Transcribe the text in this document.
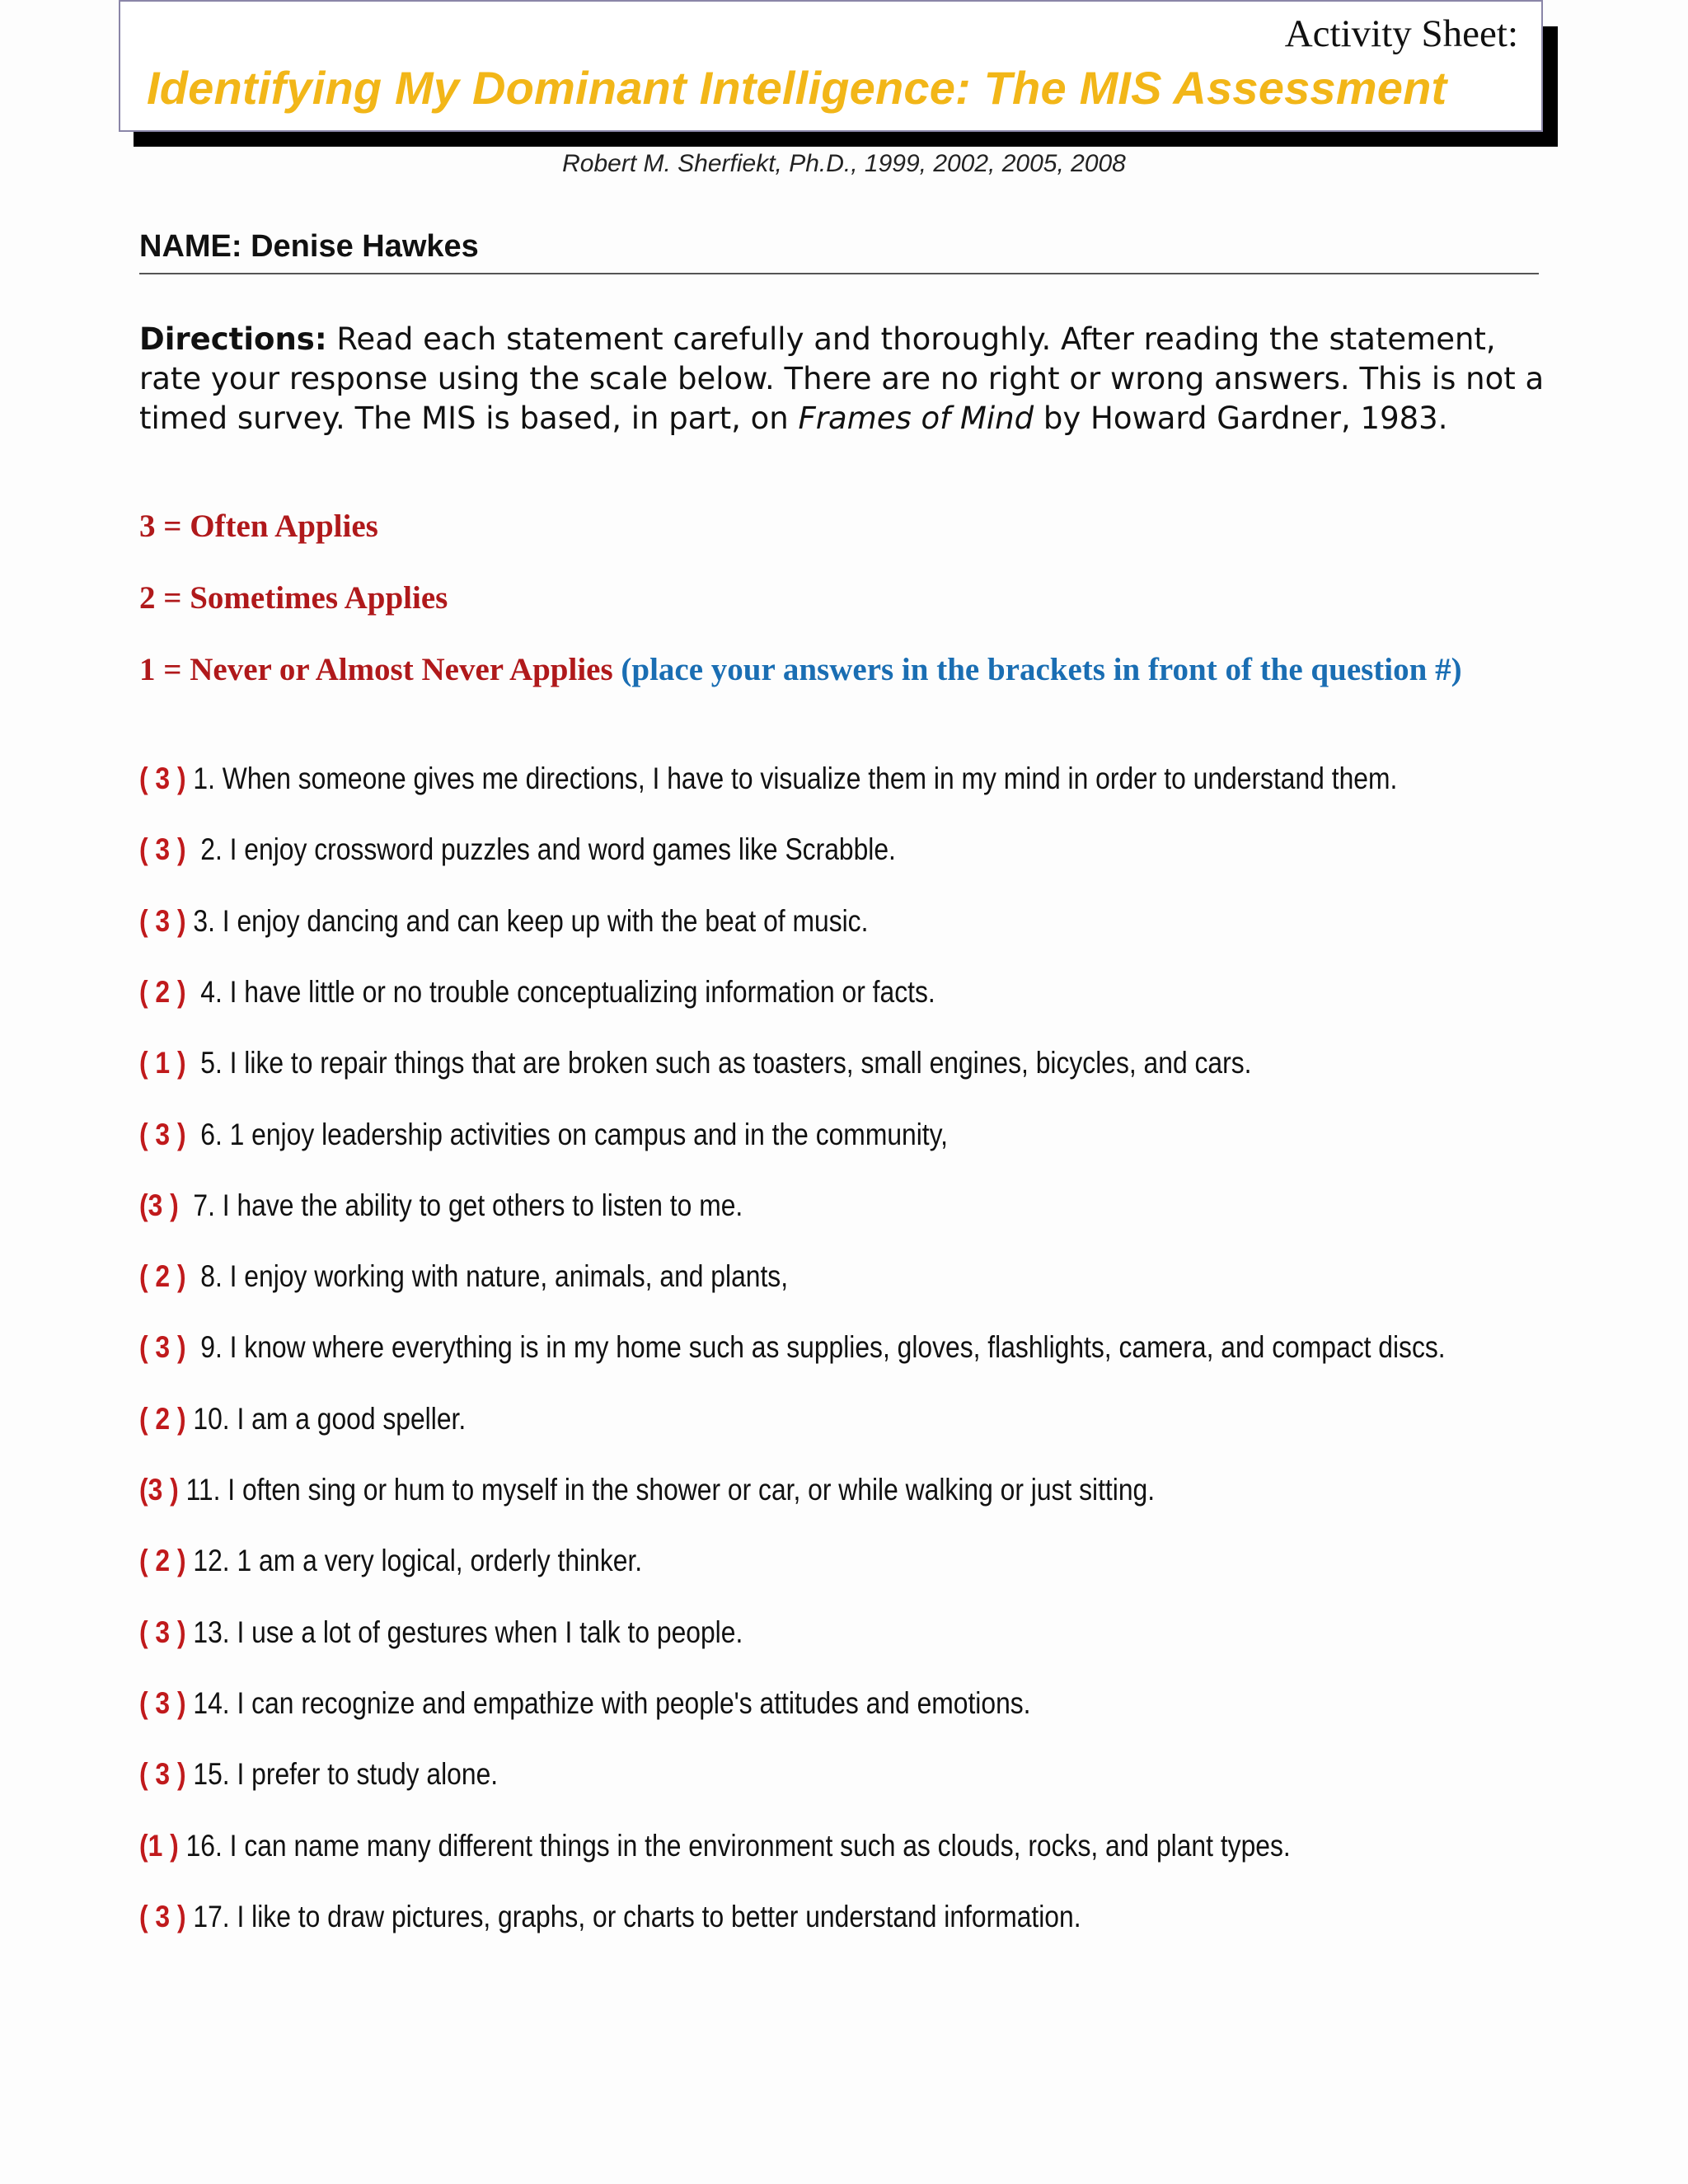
Activity Sheet:
Identifying My Dominant Intelligence: The MIS Assessment
Robert M. Sherfiekt, Ph.D., 1999, 2002, 2005, 2008
NAME: Denise Hawkes
Directions: Read each statement carefully and thoroughly. After reading the statement, rate your response using the scale below. There are no right or wrong answers. This is not a timed survey. The MIS is based, in part, on Frames of Mind by Howard Gardner, 1983.
3 = Often Applies
2 = Sometimes Applies
1 = Never or Almost Never Applies (place your answers in the brackets in front of the question #)
( 3 ) 1. When someone gives me directions, I have to visualize them in my mind in order to understand them.
( 3 )  2. I enjoy crossword puzzles and word games like Scrabble.
( 3 ) 3. I enjoy dancing and can keep up with the beat of music.
( 2 )  4. I have little or no trouble conceptualizing information or facts.
( 1 )  5. I like to repair things that are broken such as toasters, small engines, bicycles, and cars.
( 3 )  6. 1 enjoy leadership activities on campus and in the community,
(3 )  7. I have the ability to get others to listen to me.
( 2 )  8. I enjoy working with nature, animals, and plants,
( 3 )  9. I know where everything is in my home such as supplies, gloves, flashlights, camera, and compact discs.
( 2 ) 10. I am a good speller.
(3 ) 11. I often sing or hum to myself in the shower or car, or while walking or just sitting.
( 2 ) 12. 1 am a very logical, orderly thinker.
( 3 ) 13. I use a lot of gestures when I talk to people.
( 3 ) 14. I can recognize and empathize with people's attitudes and emotions.
( 3 ) 15. I prefer to study alone.
(1 ) 16. I can name many different things in the environment such as clouds, rocks, and plant types.
( 3 ) 17. I like to draw pictures, graphs, or charts to better understand information.
